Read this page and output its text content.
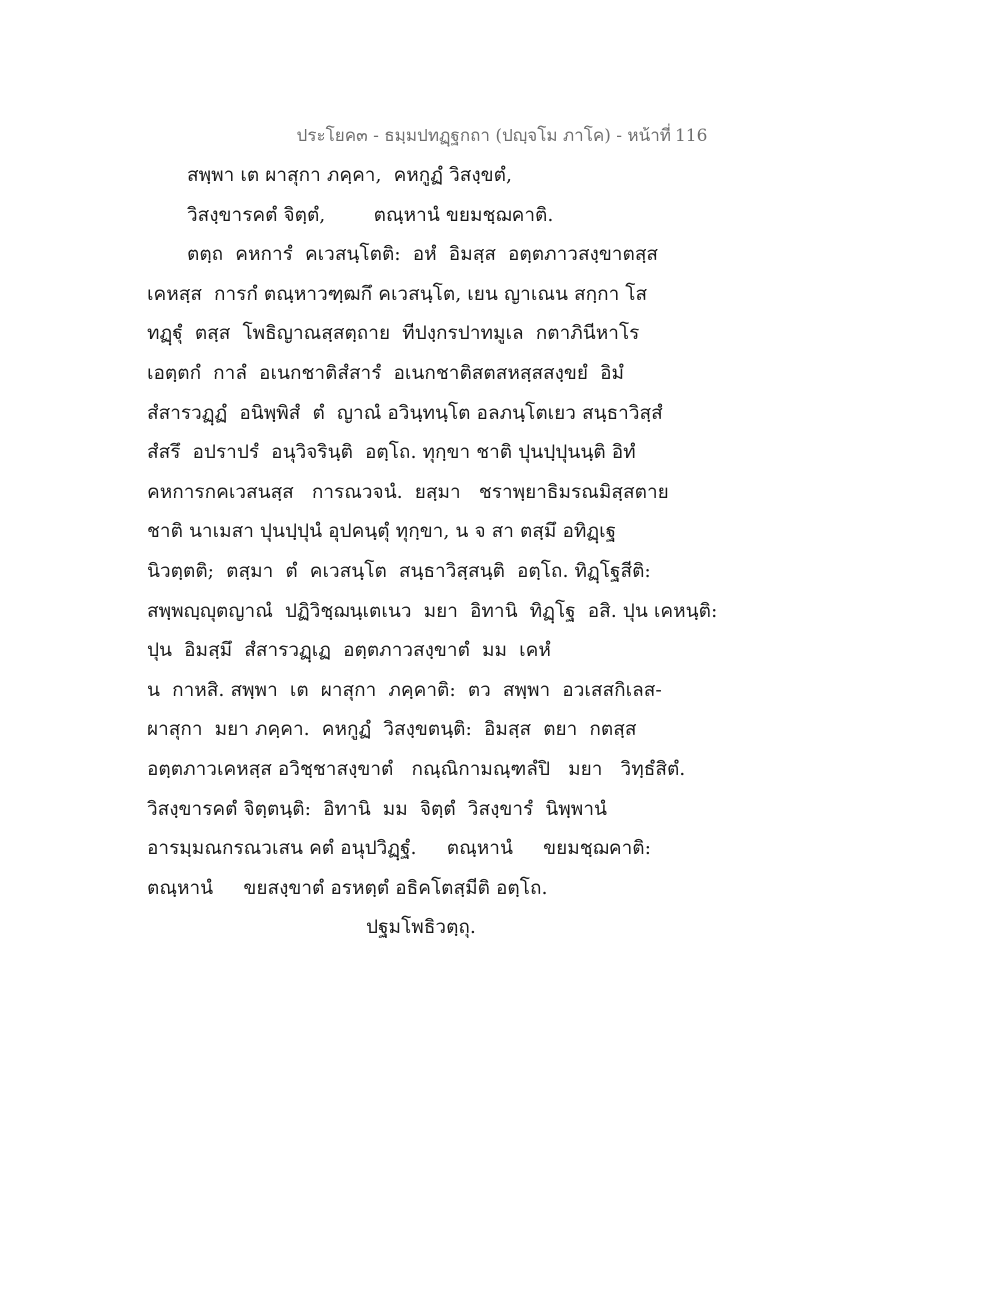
ประโยค๓ - ธมฺมปทฏฺฐกถา (ปญฺจโม ภาโค) - หน้าที่ 116
สพฺพา เต ผาสุกา ภคฺคา,  คหกูฏํ วิสงฺขตํ,
วิสงฺขารคตํ จิตฺตํ,        ตณฺหานํ ขยมชฺฌคาติ.
ตตฺถ  คหการํ  คเวสนฺโตติ:  อหํ  อิมสฺส  อตฺตภาวสงฺขาตสฺส
เคหสฺส  การกํ ตณฺหาวฑฺฒกึ คเวสนฺโต, เยน ญาเณน สกฺกา โส
ทฏฺฐุํ  ตสฺส  โพธิญาณสฺสตฺถาย  ทีปงฺกรปาทมูเล  กตาภินีหาโร
เอตฺตกํ  กาลํ  อเนกชาติสํสารํ  อเนกชาติสตสหสฺสสงฺขยํ  อิมํ
สํสารวฏฺฏํ  อนิพฺพิสํ  ตํ  ญาณํ อวินฺทนฺโต อลภนฺโตเยว สนฺธาวิสฺสํ
สํสรึ  อปราปรํ  อนุวิจรินฺติ  อตฺโถ. ทุกฺขา ชาติ ปุนปฺปุนนฺติ อิทํ
คหการกคเวสนสฺส   การณวจนํ.  ยสฺมา   ชราพฺยาธิมรณมิสฺสตาย
ชาติ นาเมสา ปุนปฺปุนํ อุปคนฺตุํ ทุกฺขา, น จ สา ตสฺมึ อทิฏฺเฐ
นิวตฺตติ;  ตสฺมา  ตํ  คเวสนฺโต  สนฺธาวิสฺสนฺติ  อตฺโถ. ทิฏฺโฐสีติ:
สพฺพญฺญุตญาณํ  ปฏิวิชฺฌนฺเตเนว  มยา  อิทานิ  ทิฏฺโฐ  อสิ. ปุน เคหนฺติ:
ปุน  อิมสฺมึ  สํสารวฏฺเฏ  อตฺตภาวสงฺขาตํ  มม  เคหํ
น  กาหสิ. สพฺพา  เต  ผาสุกา  ภคฺคาติ:  ตว  สพฺพา  อวเสสกิเลส-
ผาสุกา  มยา ภคฺคา.  คหกูฏํ  วิสงฺขตนฺติ:  อิมสฺส  ตยา  กตสฺส
อตฺตภาวเคหสฺส อวิชฺชาสงฺขาตํ   กณฺณิกามณฺฑลํปิ   มยา   วิทฺธํสิตํ.
วิสงฺขารคตํ จิตฺตนฺติ:  อิทานิ  มม  จิตฺตํ  วิสงฺขารํ  นิพฺพานํ
อารมฺมณกรณวเสน คตํ อนุปวิฏฺฐํ.     ตณฺหานํ     ขยมชฺฌคาติ:
ตณฺหานํ     ขยสงฺขาตํ อรหตฺตํ อธิคโตสฺมีติ อตฺโถ.
ปฐมโพธิวตฺถุ.
